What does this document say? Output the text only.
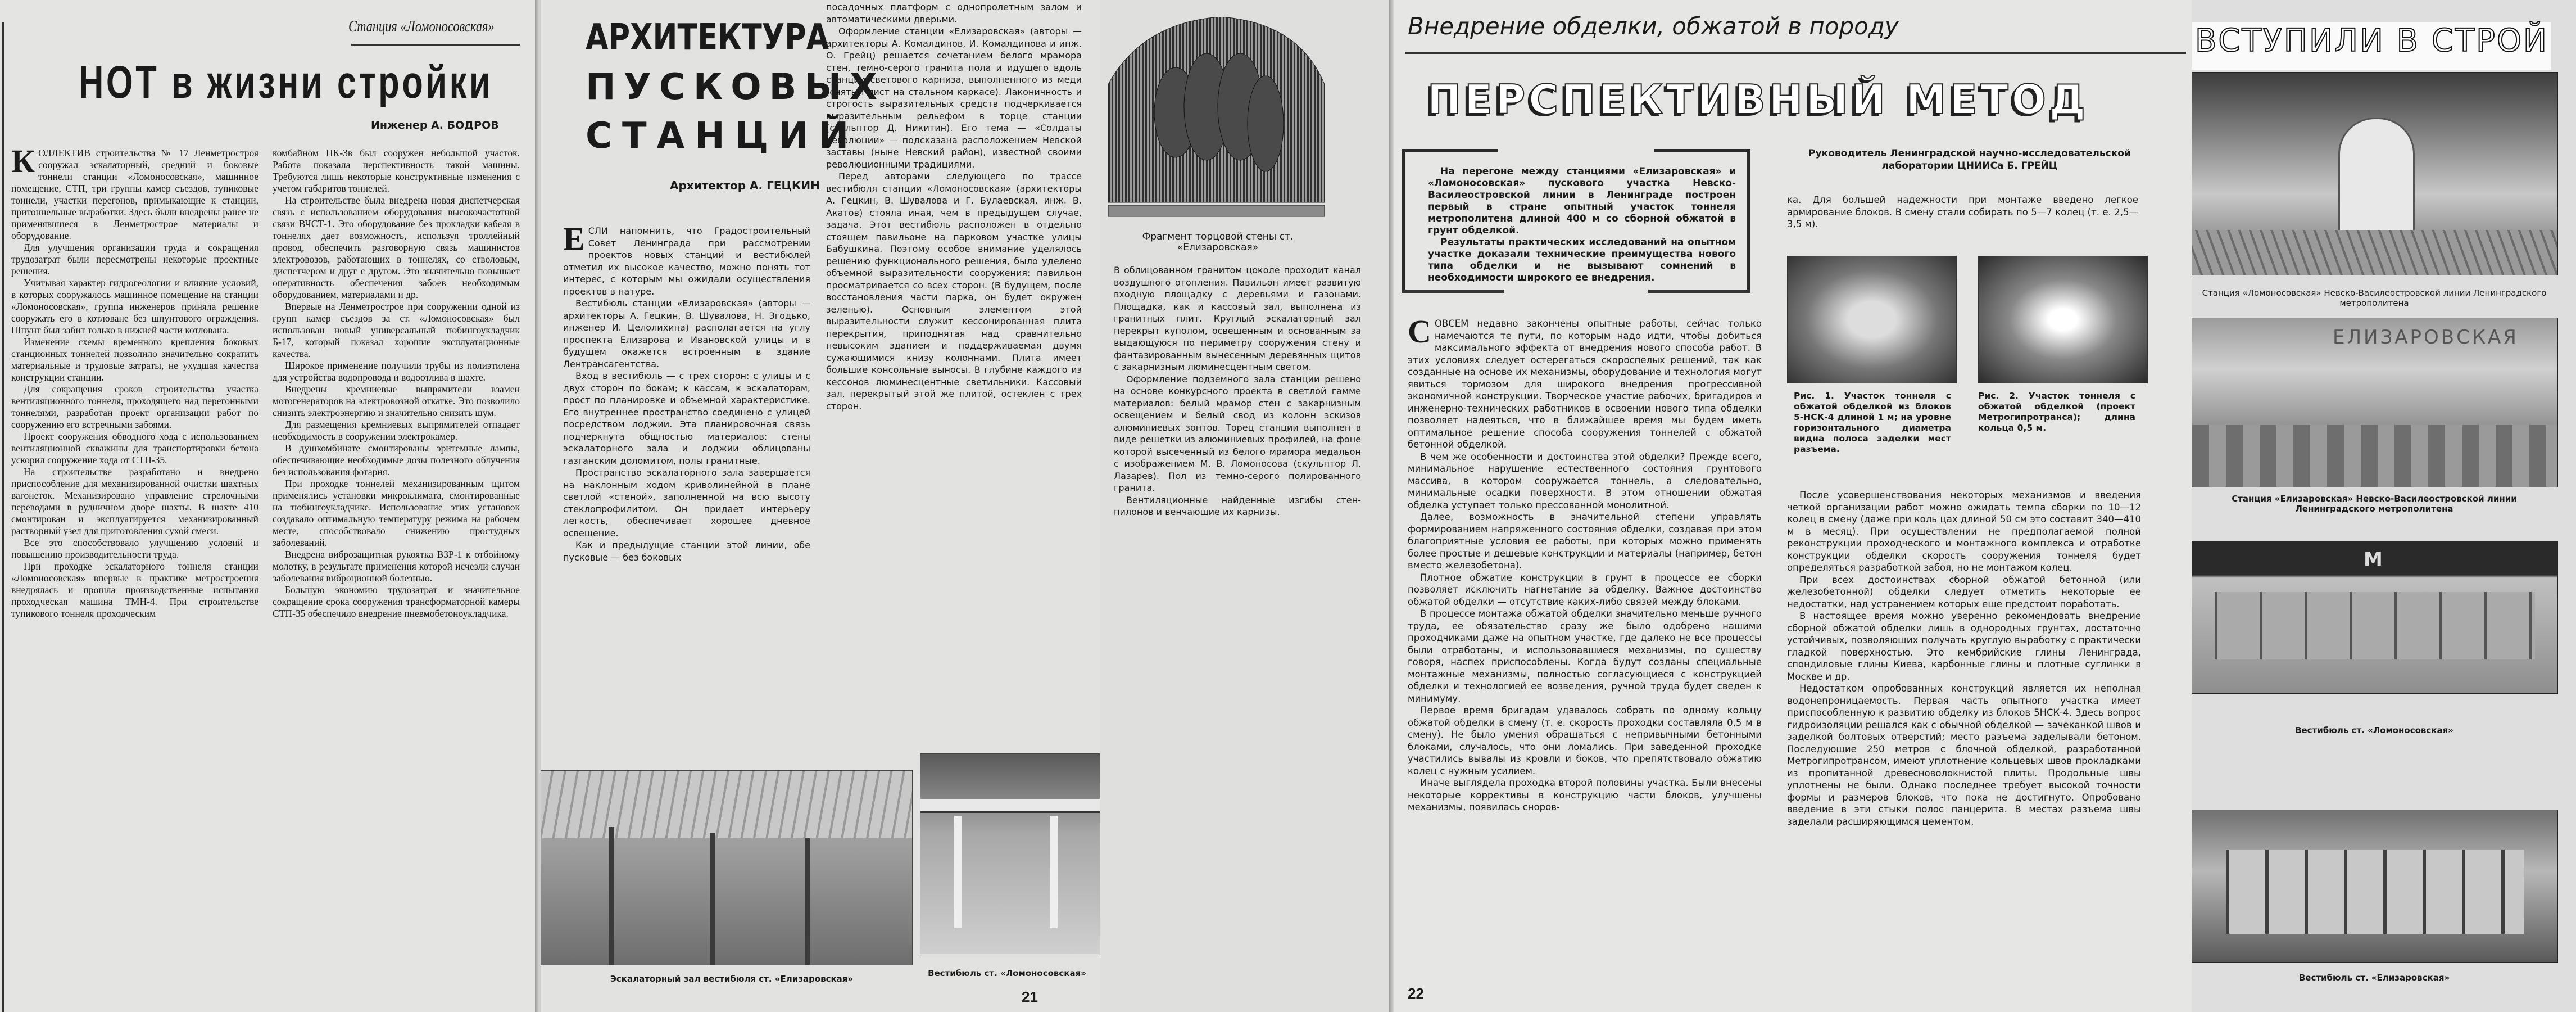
Станция «Ломоносовская»
НОТ в жизни стройки
Инженер А. БОДРОВ
К ОЛЛЕКТИВ строительства № 17 Ленметростроя сооружал эскалаторный, средний и боковые тоннели станции «Ломоносовская», машинное помещение, СТП, три группы камер съездов, тупиковые тоннели, участки перегонов, примыкающие к станции, притоннельные выработки. Здесь были внедрены ранее не применявшиеся в Ленметрострое материалы и оборудование.

Для улучшения организации труда и сокращения трудозатрат были пересмотрены некоторые проектные решения.

Учитывая характер гидрогеологии и влияние условий, в которых сооружалось машинное помещение на станции «Ломоносовская», группа инженеров приняла решение сооружать его в котловане без шпунтового ограждения. Шпунт был забит только в нижней части котлована.

Изменение схемы временного крепления боковых станционных тоннелей позволило значительно сократить материальные и трудовые затраты, не ухудшая качества конструкции станции.

Для сокращения сроков строительства участка вентиляционного тоннеля, проходящего над перегонными тоннелями, разработан проект организации работ по сооружению его встречными забоями.

Проект сооружения обводного хода с использованием вентиляционной скважины для транспортировки бетона ускорил сооружение хода от СТП-35.

На строительстве разработано и внедрено приспособление для механизированной очистки шахтных вагонеток. Механизировано управление стрелочными переводами в рудничном дворе шахты. В шахте 410 смонтирован и эксплуатируется механизированный растворный узел для приготовления сухой смеси.

Все это способствовало улучшению условий и повышению производительности труда.

При проходке эскалаторного тоннеля станции «Ломоносовская» впервые в практике метростроения внедрялась и прошла производственные испытания проходческая машина ТМН-4. При строительстве тупикового тоннеля проходческим

комбайном ПК-3в был сооружен небольшой участок. Работа показала перспективность такой машины. Требуются лишь некоторые конструктивные изменения с учетом габаритов тоннелей.

На строительстве была внедрена новая диспетчерская связь с использованием оборудования высокочастотной связи ВЧСТ-1. Это оборудование без прокладки кабеля в тоннелях дает возможность, используя троллейный провод, обеспечить разговорную связь машинистов электровозов, работающих в тоннелях, со стволовым, диспетчером и друг с другом. Это значительно повышает оперативность обеспечения забоев необходимым оборудованием, материалами и др.

Впервые на Ленметрострое при сооружении одной из групп камер съездов за ст. «Ломоносовская» был использован новый универсальный тюбингоукладчик Б-17, который показал хорошие эксплуатационные качества.

Широкое применение получили трубы из полиэтилена для устройства водопровода и водоотлива в шахте.

Внедрены кремниевые выпрямители взамен мотогенераторов на электровозной откатке. Это позволило снизить электроэнергию и значительно снизить шум.

Для размещения кремниевых выпрямителей отпадает необходимость в сооружении электрокамер.

В душкомбинате смонтированы эритемные лампы, обеспечивающие необходимые дозы полезного облучения без использования фотарня.

При проходке тоннелей механизированным щитом применялись установки микроклимата, смонтированные на тюбингоукладчике. Использование этих установок создавало оптимальную температуру режима на рабочем месте, способствовало снижению простудных заболеваний.

Внедрена виброзащитная рукоятка ВЗР-1 к отбойному молотку, в результате применения которой исчезли случаи заболевания виброционной болезнью.

Большую экономию трудозатрат и значительное сокращение срока сооружения трансформаторной камеры СТП-35 обеспечило внедрение пневмобетоноукладчика.

АРХИТЕКТУРА
ПУСКОВЫХ
СТАНЦИЙ
Архитектор А. ГЕЦКИН
Е СЛИ напомнить, что Градостроительный Совет Ленинграда при рассмотрении проектов новых станций и вестибюлей отметил их высокое качество, можно понять тот интерес, с которым мы ожидали осуществления проектов в натуре.

Вестибюль станции «Елизаровская» (авторы — архитекторы А. Гецкин, В. Шувалова, Н. Згодько, инженер И. Целолихина) располагается на углу проспекта Елизарова и Ивановской улицы и в будущем окажется встроенным в здание Лентрансагентства.

Вход в вестибюль — с трех сторон: с улицы и с двух сторон по бокам; к кассам, к эскалаторам, прост по планировке и объемной характеристике. Его внутреннее пространство соединено с улицей посредством лоджии. Эта планировочная связь подчеркнута общностью материалов: стены эскалаторного зала и лоджии облицованы газганским доломитом, полы гранитные.

Пространство эскалаторного зала завершается на наклонным ходом криволинейной в плане светлой «стеной», заполненной на всю высоту стеклопрофилитом. Он придает интерьеру легкость, обеспечивает хорошее дневное освещение.

Как и предыдущие станции этой линии, обе пусковые — без боковых

посадочных платформ с однопролетным залом и автоматическими дверьми.

Оформление станции «Елизаровская» (авторы — архитекторы А. Комалдинов, И. Комалдинова и инж. О. Грейц) решается сочетанием белого мрамора стен, темно-серого гранита пола и идущего вдоль станции светового карниза, выполненного из меди (снятый лист на стальном каркасе). Лаконичность и строгость выразительных средств подчеркивается выразительным рельефом в торце станции (скульптор Д. Никитин). Его тема — «Солдаты революции» — подсказана расположением Невской заставы (ныне Невский район), известной своими революционными традициями.

Перед авторами следующего по трассе вестибюля станции «Ломоносовская» (архитекторы А. Гецкин, В. Шувалова и Г. Булаевская, инж. В. Акатов) стояла иная, чем в предыдущем случае, задача. Этот вестибюль расположен в отдельно стоящем павильоне на парковом участке улицы Бабушкина. Поэтому особое внимание уделялось решению функционального решения, было уделено объемной выразительности сооружения: павильон просматривается со всех сторон. (В будущем, после восстановления части парка, он будет окружен зеленью). Основным элементом этой выразительности служит кессонированная плита перекрытия, приподнятая над сравнительно невысоким зданием и поддерживаемая двумя сужающимися книзу колоннами. Плита имеет большие консольные выносы. В глубине каждого из кессонов люминесцентные светильники. Кассовый зал, перекрытый этой же плитой, остеклен с трех сторон.

Эскалаторный зал вестибюля ст. «Елизаровская»
Вестибюль ст. «Ломоносовская»
21
Фрагмент торцовой стены ст. «Елизаровская»

В облицованном гранитом цоколе проходит канал воздушного отопления. Павильон имеет развитую входную площадку с деревьями и газонами. Площадка, как и кассовый зал, выполнена из гранитных плит. Круглый эскалаторный зал перекрыт куполом, освещенным и основанным за выдающуюся по периметру сооружения стену и фантазированным вынесенным деревянных щитов с закарнизным люминесцентным светом.

Оформление подземного зала станции решено на основе конкурсного проекта в светлой гамме материалов: белый мрамор стен с закарнизным освещением и белый свод из колонн эскизов алюминиевых зонтов. Торец станции выполнен в виде решетки из алюминиевых профилей, на фоне которой высеченный из белого мрамора медальон с изображением М. В. Ломоносова (скульптор Л. Лазарев). Пол из темно-серого полированного гранита.

Вентиляционные найденные изгибы стен-пилонов и венчающие их карнизы.

Внедрение обделки, обжатой в породу
ПЕРСПЕКТИВНЫЙ МЕТОД

На перегоне между станциями «Елизаровская» и «Ломоносовская» пускового участка Невско-Василеостровской линии в Ленинграде построен первый в стране опытный участок тоннеля метрополитена длиной 400 м со сборной обжатой в грунт обделкой.

Результаты практических исследований на опытном участке доказали технические преимущества нового типа обделки и не вызывают сомнений в необходимости широкого ее внедрения.

Руководитель Ленинградской научно-исследовательской лаборатории ЦНИИСа Б. ГРЕЙЦ
С ОВСЕМ недавно закончены опытные работы, сейчас только намечаются те пути, по которым надо идти, чтобы добиться максимального эффекта от внедрения нового способа работ. В этих условиях следует остерегаться скороспелых решений, так как созданные на основе их механизмы, оборудование и технология могут явиться тормозом для широкого внедрения прогрессивной экономичной конструкции. Творческое участие рабочих, бригадиров и инженерно-технических работников в освоении нового типа обделки позволяет надеяться, что в ближайшее время мы будем иметь оптимальное решение способа сооружения тоннелей с обжатой бетонной обделкой.

В чем же особенности и достоинства этой обделки? Прежде всего, минимальное нарушение естественного состояния грунтового массива, в котором сооружается тоннель, а следовательно, минимальные осадки поверхности. В этом отношении обжатая обделка уступает только прессованной монолитной.

Далее, возможность в значительной степени управлять формированием напряженного состояния обделки, создавая при этом благоприятные условия ее работы, при которых можно применять более простые и дешевые конструкции и материалы (например, бетон вместо железобетона).

Плотное обжатие конструкции в грунт в процессе ее сборки позволяет исключить нагнетание за обделку. Важное достоинство обжатой обделки — отсутствие каких-либо связей между блоками.

В процессе монтажа обжатой обделки значительно меньше ручного труда, ее обязательство сразу же было одобрено нашими проходчиками даже на опытном участке, где далеко не все процессы были отработаны, и использовавшиеся механизмы, по существу говоря, наспех приспособлены. Когда будут созданы специальные монтажные механизмы, полностью согласующиеся с конструкцией обделки и технологией ее возведения, ручной труда будет сведен к минимуму.

Первое время бригадам удавалось собрать по одному кольцу обжатой обделки в смену (т. е. скорость проходки составляла 0,5 м в смену). Не было умения обращаться с непривычными бетонными блоками, случалось, что они ломались. При заведенной проходке участились вывалы из кровли и боков, что препятствовало обжатию колец с нужным усилием.

Иначе выглядела проходка второй половины участка. Были внесены некоторые коррективы в конструкцию части блоков, улучшены механизмы, появилась сноров-

22

ка. Для большей надежности при монтаже введено легкое армирование блоков. В смену стали собирать по 5—7 колец (т. е. 2,5—3,5 м).

Рис. 1. Участок тоннеля с обжатой обделкой из блоков 5-НСК-4 длиной 1 м; на уровне горизонтального диаметра видна полоса заделки мест разъема.
Рис. 2. Участок тоннеля с обжатой обделкой (проект Метрогипротранса); длина кольца 0,5 м.

После усовершенствования некоторых механизмов и введения четкой организации работ можно ожидать темпа сборки по 10—12 колец в смену (даже при коль цах длиной 50 см это составит 340—410 м в месяц). При осуществлении не предполагаемой полной реконструкции проходческого и монтажного комплекса и отработке конструкции обделки скорость сооружения тоннеля будет определяться разработкой забоя, но не монтажом колец.

При всех достоинствах сборной обжатой бетонной (или железобетонной) обделки следует отметить некоторые ее недостатки, над устранением которых еще предстоит поработать.

В настоящее время можно уверенно рекомендовать внедрение сборной обжатой обделки лишь в однородных грунтах, достаточно устойчивых, позволяющих получать круглую выработку с практически гладкой поверхностью. Это кембрийские глины Ленинграда, спондиловые глины Киева, карбонные глины и плотные суглинки в Москве и др.

Недостатком опробованных конструкций является их неполная водонепроницаемость. Первая часть опытного участка имеет приспособленную к развитию обделку из блоков 5НСК-4. Здесь вопрос гидроизоляции решался как с обычной обделкой — зачеканкой швов и заделкой болтовых отверстий; место разъема заделывали бетоном. Последующие 250 метров с блочной обделкой, разработанной Метрогипротрансом, имеют уплотнение кольцевых швов прокладками из пропитанной древесноволокнистой плиты. Продольные швы уплотнены не были. Однако последнее требует высокой точности формы и размеров блоков, что пока не достигнуто. Опробовано введение в эти стыки полос панцеритa. В местах разъема швы заделали расширяющимся цементом.

ВСТУПИЛИ В СТРОЙ
Станция «Ломоносовская» Невско-Василеостровской линии Ленинградского метрополитена
ЕЛИЗАРОВСКАЯ
Станция «Елизаровская» Невско-Василеостровской линии Ленинградского метрополитена
М
Вестибюль ст. «Ломоносовская»
Вестибюль ст. «Елизаровская»
